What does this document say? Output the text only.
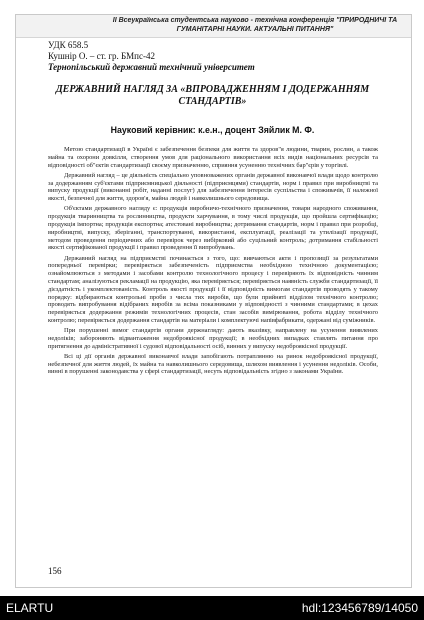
II Всеукраїнська студентська науково - технічна конференція "ПРИРОДНИЧІ ТА ГУМАНІТАРНІ НАУКИ. АКТУАЛЬНІ ПИТАННЯ"
УДК 658.5
Кушнір О. – ст. гр. БМпс-42
Тернопільський державний технічний університет
ДЕРЖАВНИЙ НАГЛЯД ЗА «ВПРОВАДЖЕННЯМ І ДОДЕРЖАННЯМ СТАНДАРТІВ»
Науковий керівник: к.е.н., доцент Зяйлик М. Ф.

Метою стандартизації в Україні є забезпечення безпеки для життя та здоров"я людини, тварин, рослин, а також майна та охорони довкілля, створення умов для раціонального використання всіх видів національних ресурсів та відповідності об"єктів стандартизації своєму призначенню, сприяння усуненню технічних бар"єрів у торгівлі.

Державний нагляд – це діяльність спеціально уповноважених органів державної виконавчої влади щодо контролю за додержанням суб'єктами підприємницької діяльності (підприємцями) стандартів, норм і правил при виробництві та випуску продукції (виконанні робіт, наданні послуг) для забезпечення інтересів суспільства і споживачів, її належної якості, безпечної для життя, здоров'я, майна людей і навколишнього середовища.

Об'єктами державного нагляду є: продукція виробничо-технічного призначення, товари народного споживання, продукція тваринництва та рослинництва, продукти харчування, в тому числі продукція, що пройшла сертифікацію; продукція імпортна; продукція експортна; атестовані виробництва; дотримання стандартів, норм і правил при розробці, виробництві, випуску, зберіганні, транспортуванні, використанні, експлуатації, реалізації та утилізації продукції, методом проведення періодичних або перевірок через вибірковий або суцільний контроль; дотримання стабільності якості сертифікованої продукції і правил проведення її випробувань.

Державний нагляд на підприємстві починається з того, що: вивчаються акти і пропозиції за результатами попередньої перевірки; перевіряється забезпеченість підприємства необхідною технічною документацією; ознайомлюються з методами і засобами контролю технологічного процесу і перевіряють їх відповідність чинним стандартам; аналізуються рекламації на продукцію, яка перевіряється; перевіряється наявність служби стандартизації, її дієздатність і укомплектованість. Контроль якості продукції і її відповідність вимогам стандартів проводять у такому порядку: відбираються контрольні проби з числа тих виробів, що були прийняті відділом технічного контролю; проводять випробування відібраних виробів за всіма показниками у відповідності з чинними стандартами; в цехах перевіряється додержання режимів технологічних процесів, стан засобів вимірювання, робота відділу технічного контролю; перевіряється додержання стандартів на матеріали і комплектуючі напівфабрикати, одержані від суміжників.

При порушенні вимог стандартів органи держнагляду: дають вказівку, направлену на усунення виявлених недоліків; забороняють відвантаження недоброякісної продукції; в необхідних випадках ставлять питання про притягнення до адміністративної і судової відповідальності осіб, винних у випуску недоброякісної продукції.

Всі ці дії органів державної виконавчої влади запобігають потраплянню на ринок недоброякісної продукції, небезпечної для життя людей, їх майна та навколишнього середовища, шляхом виявлення і усунення недоліків. Особи, винні в порушенні законодавства у сфері стандартизації, несуть відповідальність згідно з законами України.

156
ELARTU	hdl:123456789/14050
